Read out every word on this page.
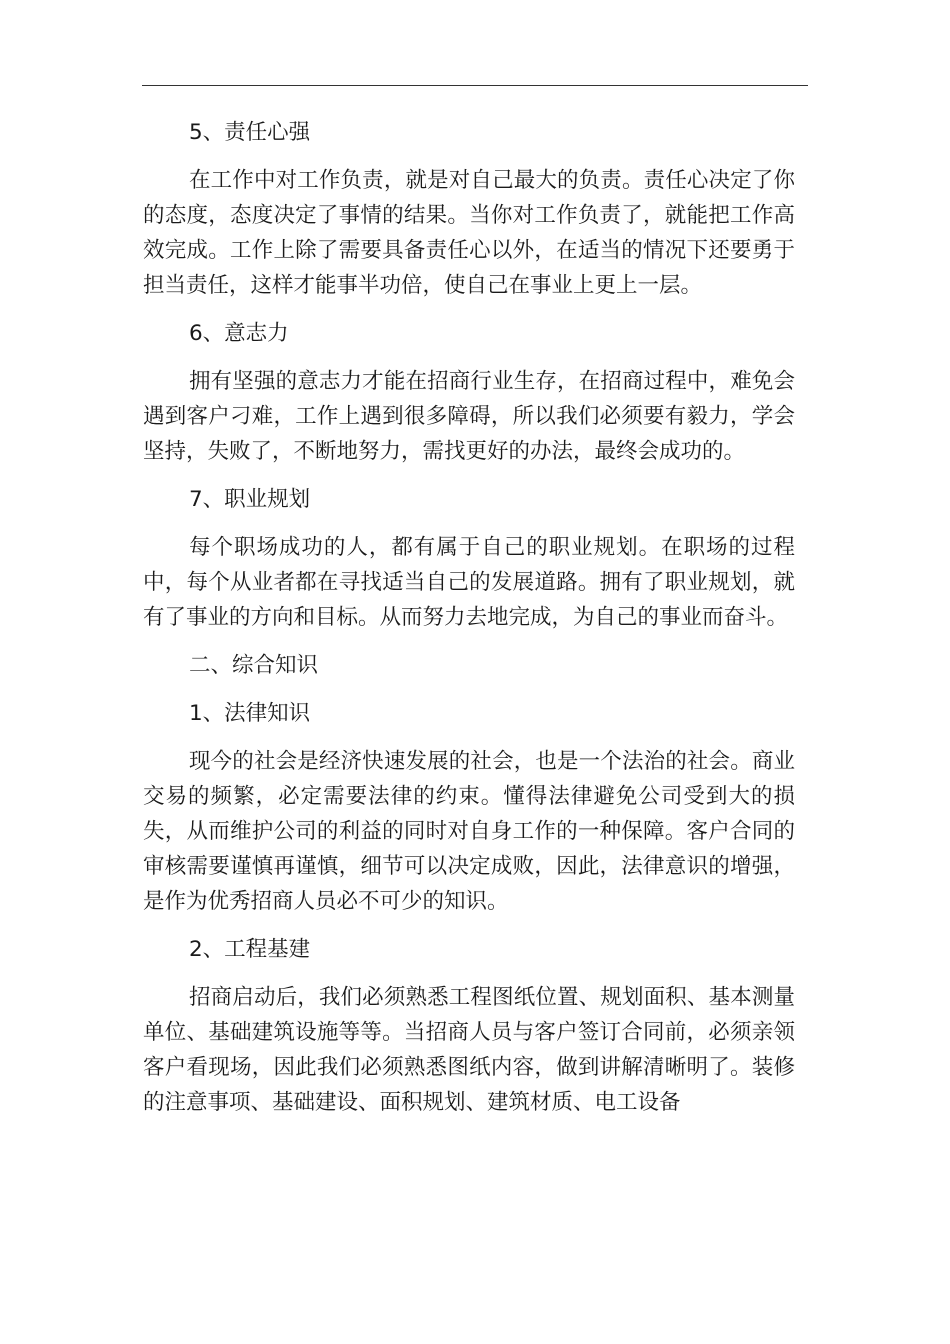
5、责任心强

在工作中对工作负责，就是对自己最大的负责。责任心决定了你的态度，态度决定了事情的结果。当你对工作负责了，就能把工作高效完成。工作上除了需要具备责任心以外，在适当的情况下还要勇于担当责任，这样才能事半功倍，使自己在事业上更上一层。

6、意志力

拥有坚强的意志力才能在招商行业生存，在招商过程中，难免会遇到客户刁难，工作上遇到很多障碍，所以我们必须要有毅力，学会坚持，失败了，不断地努力，需找更好的办法，最终会成功的。

7、职业规划

每个职场成功的人，都有属于自己的职业规划。在职场的过程中，每个从业者都在寻找适当自己的发展道路。拥有了职业规划，就有了事业的方向和目标。从而努力去地完成，为自己的事业而奋斗。

二、综合知识

1、法律知识

现今的社会是经济快速发展的社会，也是一个法治的社会。商业交易的频繁，必定需要法律的约束。懂得法律避免公司受到大的损失，从而维护公司的利益的同时对自身工作的一种保障。客户合同的审核需要谨慎再谨慎，细节可以决定成败，因此，法律意识的增强，是作为优秀招商人员必不可少的知识。

2、工程基建

招商启动后，我们必须熟悉工程图纸位置、规划面积、基本测量单位、基础建筑设施等等。当招商人员与客户签订合同前，必须亲领客户看现场，因此我们必须熟悉图纸内容，做到讲解清晰明了。装修的注意事项、基础建设、面积规划、建筑材质、电工设备
